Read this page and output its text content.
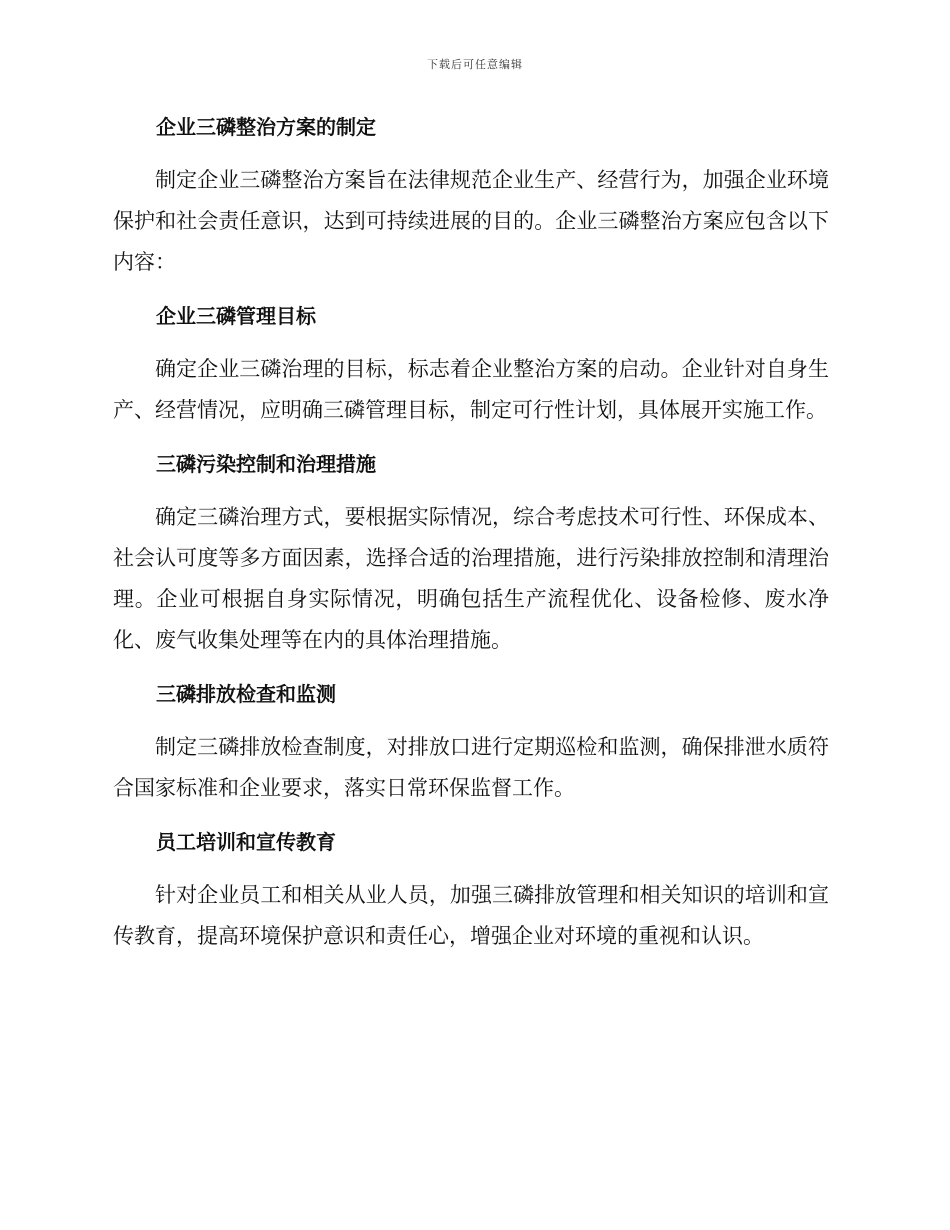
下载后可任意编辑
企业三磷整治方案的制定

制定企业三磷整治方案旨在法律规范企业生产、经营行为，加强企业环境保护和社会责任意识，达到可持续进展的目的。企业三磷整治方案应包含以下内容：

企业三磷管理目标

确定企业三磷治理的目标，标志着企业整治方案的启动。企业针对自身生产、经营情况，应明确三磷管理目标，制定可行性计划，具体展开实施工作。

三磷污染控制和治理措施

确定三磷治理方式，要根据实际情况，综合考虑技术可行性、环保成本、社会认可度等多方面因素，选择合适的治理措施，进行污染排放控制和清理治理。企业可根据自身实际情况，明确包括生产流程优化、设备检修、废水净化、废气收集处理等在内的具体治理措施。

三磷排放检查和监测

制定三磷排放检查制度，对排放口进行定期巡检和监测，确保排泄水质符合国家标准和企业要求，落实日常环保监督工作。

员工培训和宣传教育

针对企业员工和相关从业人员，加强三磷排放管理和相关知识的培训和宣传教育，提高环境保护意识和责任心，增强企业对环境的重视和认识。
